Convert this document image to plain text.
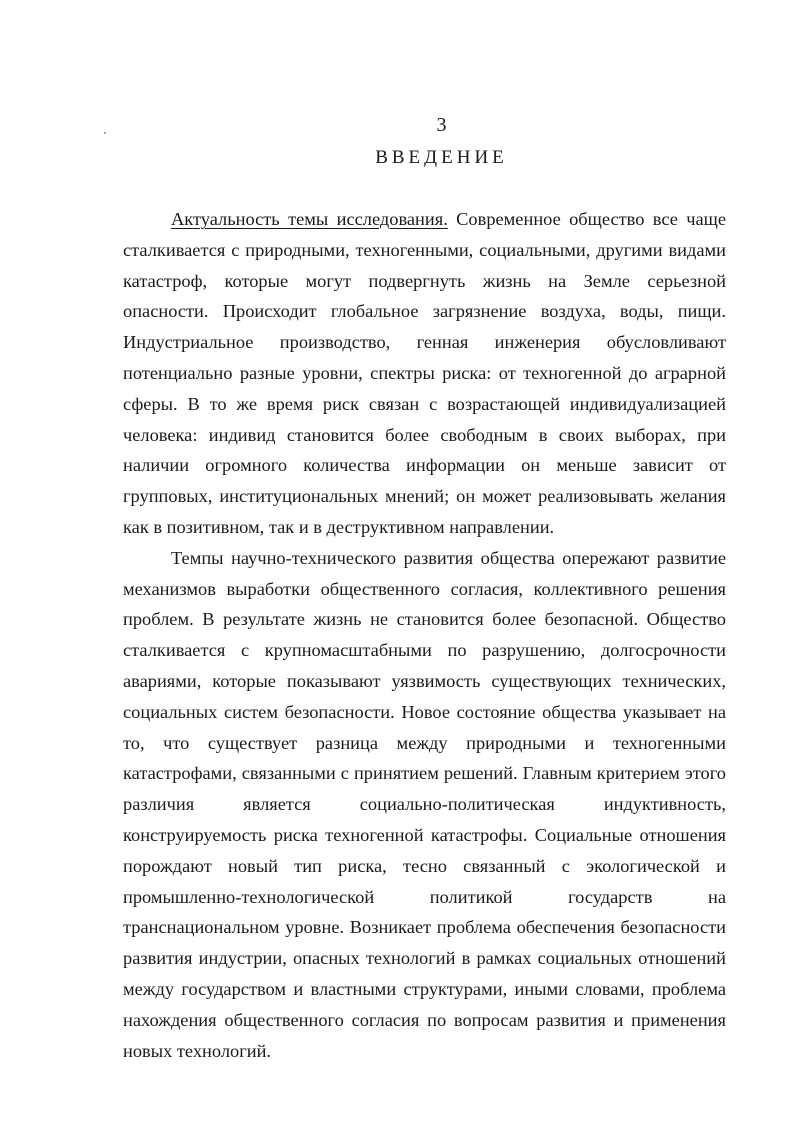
3
ВВЕДЕНИЕ

Актуальность темы исследования. Современное общество все чаще сталкивается с природными, техногенными, социальными, другими видами катастроф, которые могут подвергнуть жизнь на Земле серьезной опасности. Происходит глобальное загрязнение воздуха, воды, пищи. Индустриальное производство, генная инженерия обусловливают потенциально разные уровни, спектры риска: от техногенной до аграрной сферы. В то же время риск связан с возрастающей индивидуализацией человека: индивид становится более свободным в своих выборах, при наличии огромного количества информации он меньше зависит от групповых, институциональных мнений; он может реализовывать желания как в позитивном, так и в деструктивном направлении.

Темпы научно-технического развития общества опережают развитие механизмов выработки общественного согласия, коллективного решения проблем. В результате жизнь не становится более безопасной. Общество сталкивается с крупномасштабными по разрушению, долгосрочности авариями, которые показывают уязвимость существующих технических, социальных систем безопасности. Новое состояние общества указывает на то, что существует разница между природными и техногенными катастрофами, связанными с принятием решений. Главным критерием этого различия является социально-политическая индуктивность, конструируемость риска техногенной катастрофы. Социальные отношения порождают новый тип риска, тесно связанный с экологической и промышленно-технологической политикой государств на транснациональном уровне. Возникает проблема обеспечения безопасности развития индустрии, опасных технологий в рамках социальных отношений между государством и властными структурами, иными словами, проблема нахождения общественного согласия по вопросам развития и применения новых технологий.
